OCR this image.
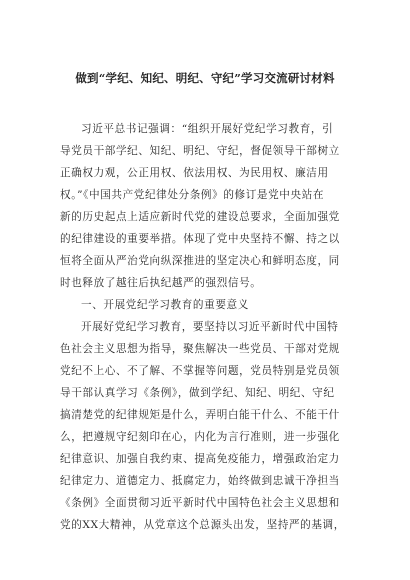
做到“学纪、知纪、明纪、守纪”学习交流研讨材料
习近平总书记强调：“组织开展好党纪学习教育，引
导党员干部学纪、知纪、明纪、守纪，督促领导干部树立
正确权力观，公正用权、依法用权、为民用权、廉洁用
权。”《中国共产党纪律处分条例》的修订是党中央站在
新的历史起点上适应新时代党的建设总要求，全面加强党
的纪律建设的重要举措。体现了党中央坚持不懈、持之以
恒将全面从严治党向纵深推进的坚定决心和鲜明态度，同
时也释放了越往后执纪越严的强烈信号。
一、开展党纪学习教育的重要意义
开展好党纪学习教育，要坚持以习近平新时代中国特
色社会主义思想为指导，聚焦解决一些党员、干部对党规
党纪不上心、不了解、不掌握等问题，党员特别是党员领
导干部认真学习《条例》，做到学纪、知纪、明纪、守纪
搞清楚党的纪律规矩是什么，弄明白能干什么、不能干什
么，把遵规守纪刻印在心，内化为言行准则，进一步强化
纪律意识、加强自我约束、提高免疫能力，增强政治定力
纪律定力、道德定力、抵腐定力，始终做到忠诚干净担当
《条例》全面贯彻习近平新时代中国特色社会主义思想和
党的XX大精神，从党章这个总源头出发，坚持严的基调，
